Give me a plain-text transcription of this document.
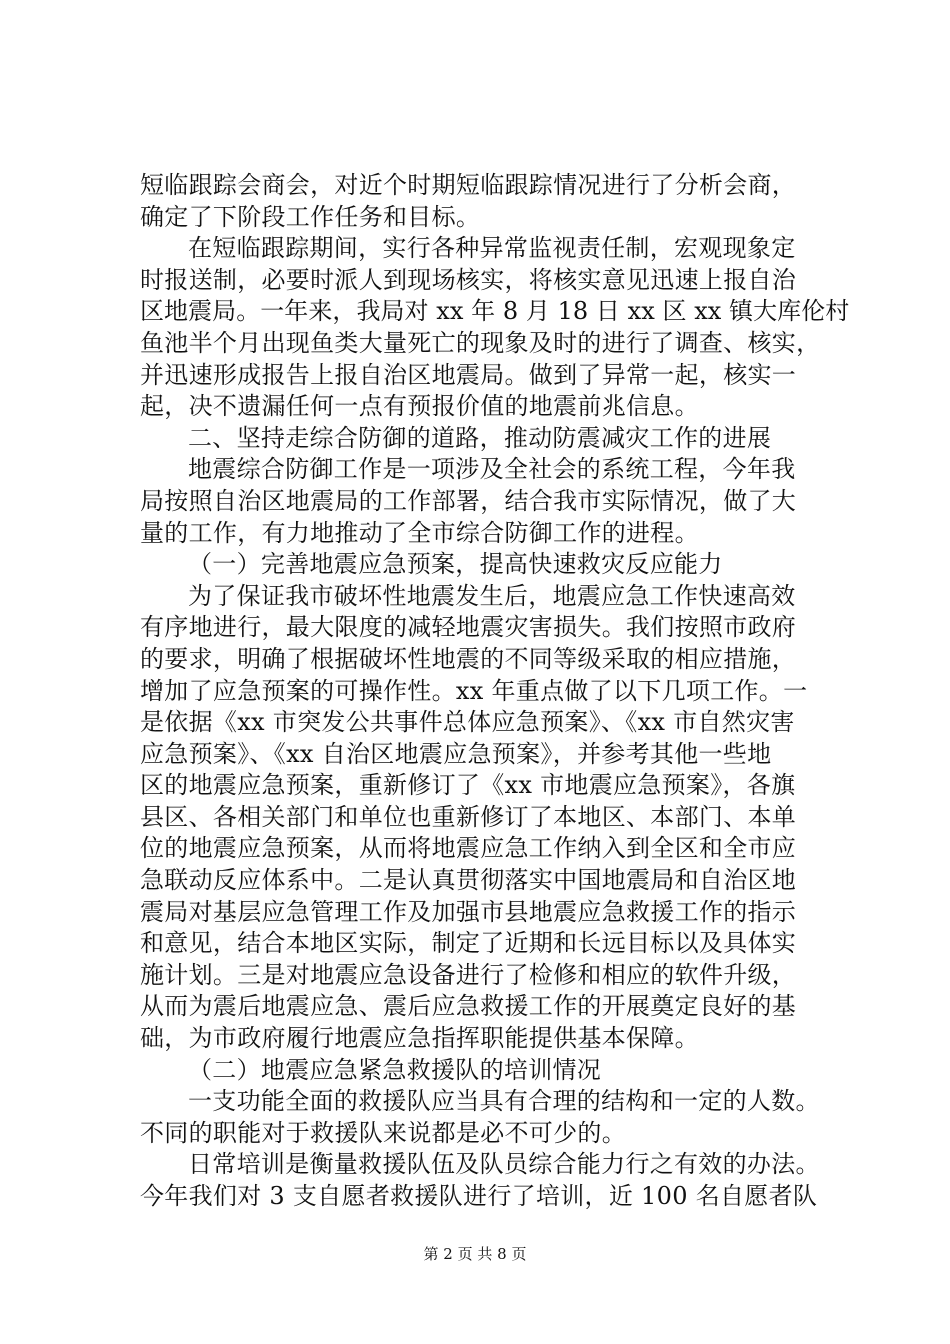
短临跟踪会商会，对近个时期短临跟踪情况进行了分析会商，
确定了下阶段工作任务和目标。
在短临跟踪期间，实行各种异常监视责任制，宏观现象定
时报送制，必要时派人到现场核实，将核实意见迅速上报自治
区地震局。一年来，我局对 xx 年 8 月 18 日 xx 区 xx 镇大库伦村
鱼池半个月出现鱼类大量死亡的现象及时的进行了调查、核实，
并迅速形成报告上报自治区地震局。做到了异常一起，核实一
起，决不遗漏任何一点有预报价值的地震前兆信息。
二、坚持走综合防御的道路，推动防震减灾工作的进展
地震综合防御工作是一项涉及全社会的系统工程，今年我
局按照自治区地震局的工作部署，结合我市实际情况，做了大
量的工作，有力地推动了全市综合防御工作的进程。
（一）完善地震应急预案，提高快速救灾反应能力
为了保证我市破坏性地震发生后，地震应急工作快速高效
有序地进行，最大限度的减轻地震灾害损失。我们按照市政府
的要求，明确了根据破坏性地震的不同等级采取的相应措施，
增加了应急预案的可操作性。xx 年重点做了以下几项工作。一
是依据《xx 市突发公共事件总体应急预案》、《xx 市自然灾害
应急预案》、《xx 自治区地震应急预案》，并参考其他一些地
区的地震应急预案，重新修订了《xx 市地震应急预案》，各旗
县区、各相关部门和单位也重新修订了本地区、本部门、本单
位的地震应急预案，从而将地震应急工作纳入到全区和全市应
急联动反应体系中。二是认真贯彻落实中国地震局和自治区地
震局对基层应急管理工作及加强市县地震应急救援工作的指示
和意见，结合本地区实际，制定了近期和长远目标以及具体实
施计划。三是对地震应急设备进行了检修和相应的软件升级，
从而为震后地震应急、震后应急救援工作的开展奠定良好的基
础，为市政府履行地震应急指挥职能提供基本保障。
（二）地震应急紧急救援队的培训情况
一支功能全面的救援队应当具有合理的结构和一定的人数。
不同的职能对于救援队来说都是必不可少的。
日常培训是衡量救援队伍及队员综合能力行之有效的办法。
今年我们对 3 支自愿者救援队进行了培训，近 100 名自愿者队
第 2 页 共 8 页
